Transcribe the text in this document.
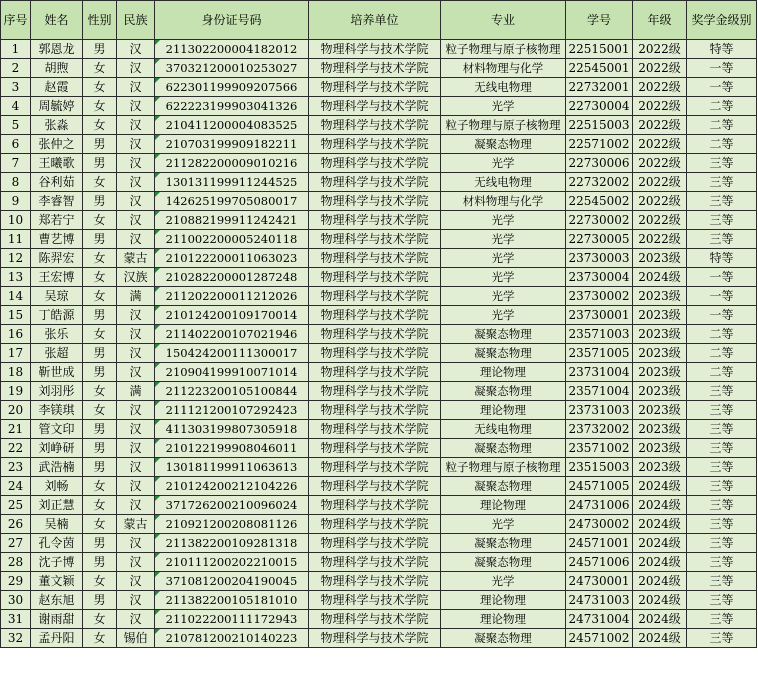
序号	姓名	性别	民族	身份证号码	培养单位	专业	学号	年级	奖学金级别
1	郭恩龙	男	汉	211302200004182012	物理科学与技术学院	粒子物理与原子核物理	22515001	2022级	特等
2	胡煦	女	汉	370321200010253027	物理科学与技术学院	材料物理与化学	22545001	2022级	一等
3	赵霞	女	汉	622301199909207566	物理科学与技术学院	无线电物理	22732001	2022级	一等
4	周毓婷	女	汉	622223199903041326	物理科学与技术学院	光学	22730004	2022级	二等
5	张淼	女	汉	210411200004083525	物理科学与技术学院	粒子物理与原子核物理	22515003	2022级	二等
6	张仲之	男	汉	210703199909182211	物理科学与技术学院	凝聚态物理	22571002	2022级	二等
7	王曦歌	男	汉	211282200009010216	物理科学与技术学院	光学	22730006	2022级	三等
8	谷利茹	女	汉	130131199911244525	物理科学与技术学院	无线电物理	22732002	2022级	三等
9	李睿智	男	汉	142625199705080017	物理科学与技术学院	材料物理与化学	22545002	2022级	三等
10	郑若宁	女	汉	210882199911242421	物理科学与技术学院	光学	22730002	2022级	三等
11	曹艺博	男	汉	211002200005240118	物理科学与技术学院	光学	22730005	2022级	三等
12	陈羿宏	女	蒙古	210122200011063023	物理科学与技术学院	光学	23730003	2023级	特等
13	王宏博	女	汉族	210282200001287248	物理科学与技术学院	光学	23730004	2024级	一等
14	吴琼	女	满	211202200011212026	物理科学与技术学院	光学	23730002	2023级	一等
15	丁皓源	男	汉	210124200109170014	物理科学与技术学院	光学	23730001	2023级	一等
16	张乐	女	汉	211402200107021946	物理科学与技术学院	凝聚态物理	23571003	2023级	二等
17	张超	男	汉	150424200111300017	物理科学与技术学院	凝聚态物理	23571005	2023级	二等
18	靳世成	男	汉	210904199910071014	物理科学与技术学院	理论物理	23731004	2023级	二等
19	刘羽彤	女	满	211223200105100844	物理科学与技术学院	凝聚态物理	23571004	2023级	三等
20	李镁琪	女	汉	211121200107292423	物理科学与技术学院	理论物理	23731003	2023级	三等
21	管文印	男	汉	411303199807305918	物理科学与技术学院	无线电物理	23732002	2023级	三等
22	刘峥研	男	汉	210122199908046011	物理科学与技术学院	凝聚态物理	23571002	2023级	三等
23	武浩楠	男	汉	130181199911063613	物理科学与技术学院	粒子物理与原子核物理	23515003	2023级	三等
24	刘畅	女	汉	210124200212104226	物理科学与技术学院	凝聚态物理	24571005	2024级	三等
25	刘正慧	女	汉	371726200210096024	物理科学与技术学院	理论物理	24731006	2024级	三等
26	吴楠	女	蒙古	210921200208081126	物理科学与技术学院	光学	24730002	2024级	三等
27	孔令茵	男	汉	211382200109281318	物理科学与技术学院	凝聚态物理	24571001	2024级	三等
28	沈子博	男	汉	210111200202210015	物理科学与技术学院	凝聚态物理	24571006	2024级	三等
29	董文颖	女	汉	371081200204190045	物理科学与技术学院	光学	24730001	2024级	三等
30	赵东旭	男	汉	211382200105181010	物理科学与技术学院	理论物理	24731003	2024级	三等
31	谢雨甜	女	汉	211022200111172943	物理科学与技术学院	理论物理	24731004	2024级	三等
32	孟丹阳	女	锡伯	210781200210140223	物理科学与技术学院	凝聚态物理	24571002	2024级	三等
